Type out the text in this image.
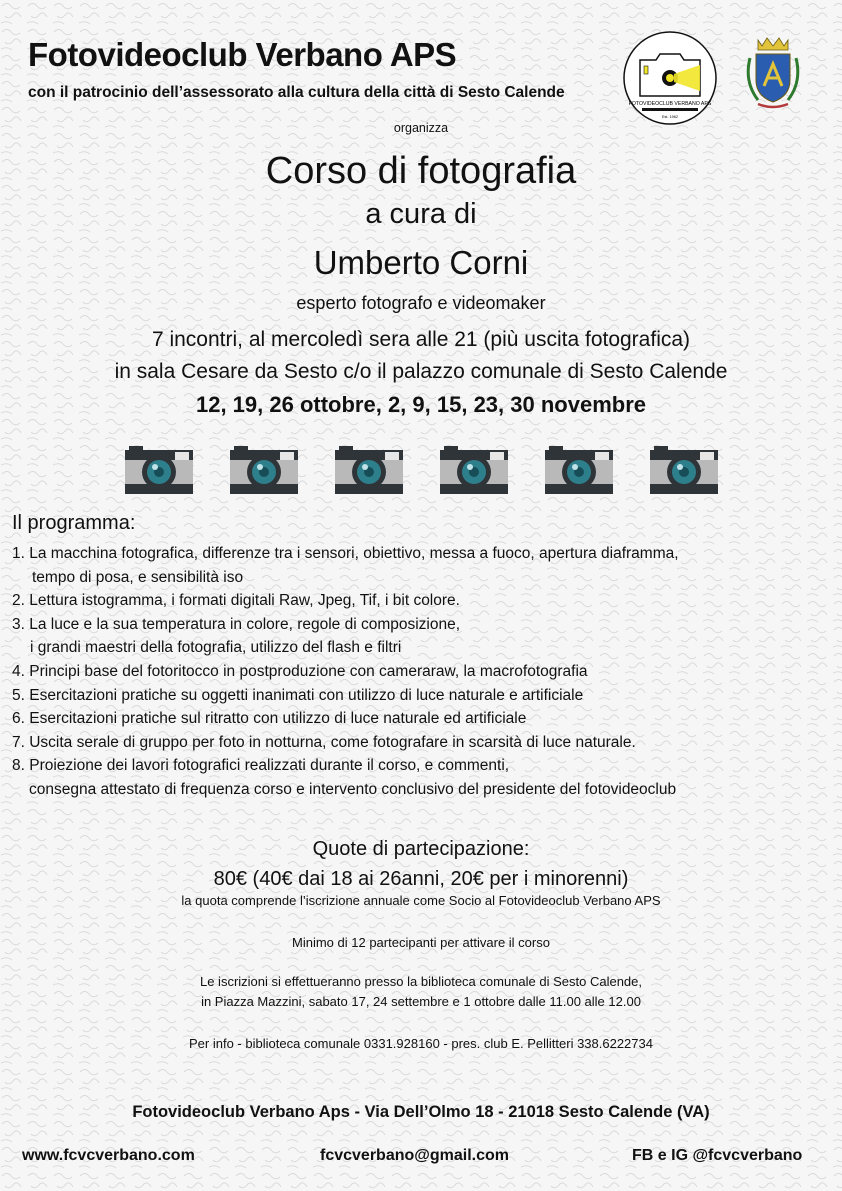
Fotovideoclub Verbano APS
con il patrocinio dell’assessorato alla cultura della città di Sesto Calende
FOTOVIDEOCLUB VERBANO APS
Est. 1962
organizza
Corso di fotografia
a cura di
Umberto Corni
esperto fotografo e videomaker
7 incontri, al mercoledì sera alle 21 (più uscita fotografica)
in sala Cesare da Sesto c/o il palazzo comunale di Sesto Calende
12, 19, 26 ottobre, 2, 9, 15, 23, 30 novembre
Il programma:
1. La macchina fotografica, differenze tra i sensori, obiettivo, messa a fuoco, apertura diaframma,
tempo di posa, e sensibilità iso
2. Lettura istogramma, i formati digitali Raw, Jpeg, Tif, i bit colore.
3. La luce e la sua temperatura in colore, regole di composizione,
i grandi maestri della fotografia, utilizzo del flash e filtri
4. Principi base del fotoritocco in postproduzione con cameraraw, la macrofotografia
5. Esercitazioni pratiche su oggetti inanimati con utilizzo di luce naturale e artificiale
6. Esercitazioni pratiche sul ritratto con utilizzo di luce naturale ed artificiale
7. Uscita serale di gruppo per foto in notturna, come fotografare in scarsità di luce naturale.
8. Proiezione dei lavori fotografici realizzati durante il corso, e commenti,
consegna attestato di frequenza corso e intervento conclusivo del presidente del fotovideoclub
Quote di partecipazione:
80€ (40€ dai 18 ai 26anni, 20€ per i minorenni)
la quota comprende l’iscrizione annuale come Socio al Fotovideoclub Verbano APS
Minimo di 12 partecipanti per attivare il corso
Le iscrizioni si effettueranno presso la biblioteca comunale di Sesto Calende,
in Piazza Mazzini, sabato 17, 24 settembre e 1 ottobre dalle 11.00 alle 12.00
Per info - biblioteca comunale 0331.928160 - pres. club E. Pellitteri 338.6222734
Fotovideoclub Verbano Aps - Via Dell’Olmo 18 - 21018 Sesto Calende (VA)
www.fcvcverbano.com	fcvcverbano@gmail.com	FB e IG @fcvcverbano
